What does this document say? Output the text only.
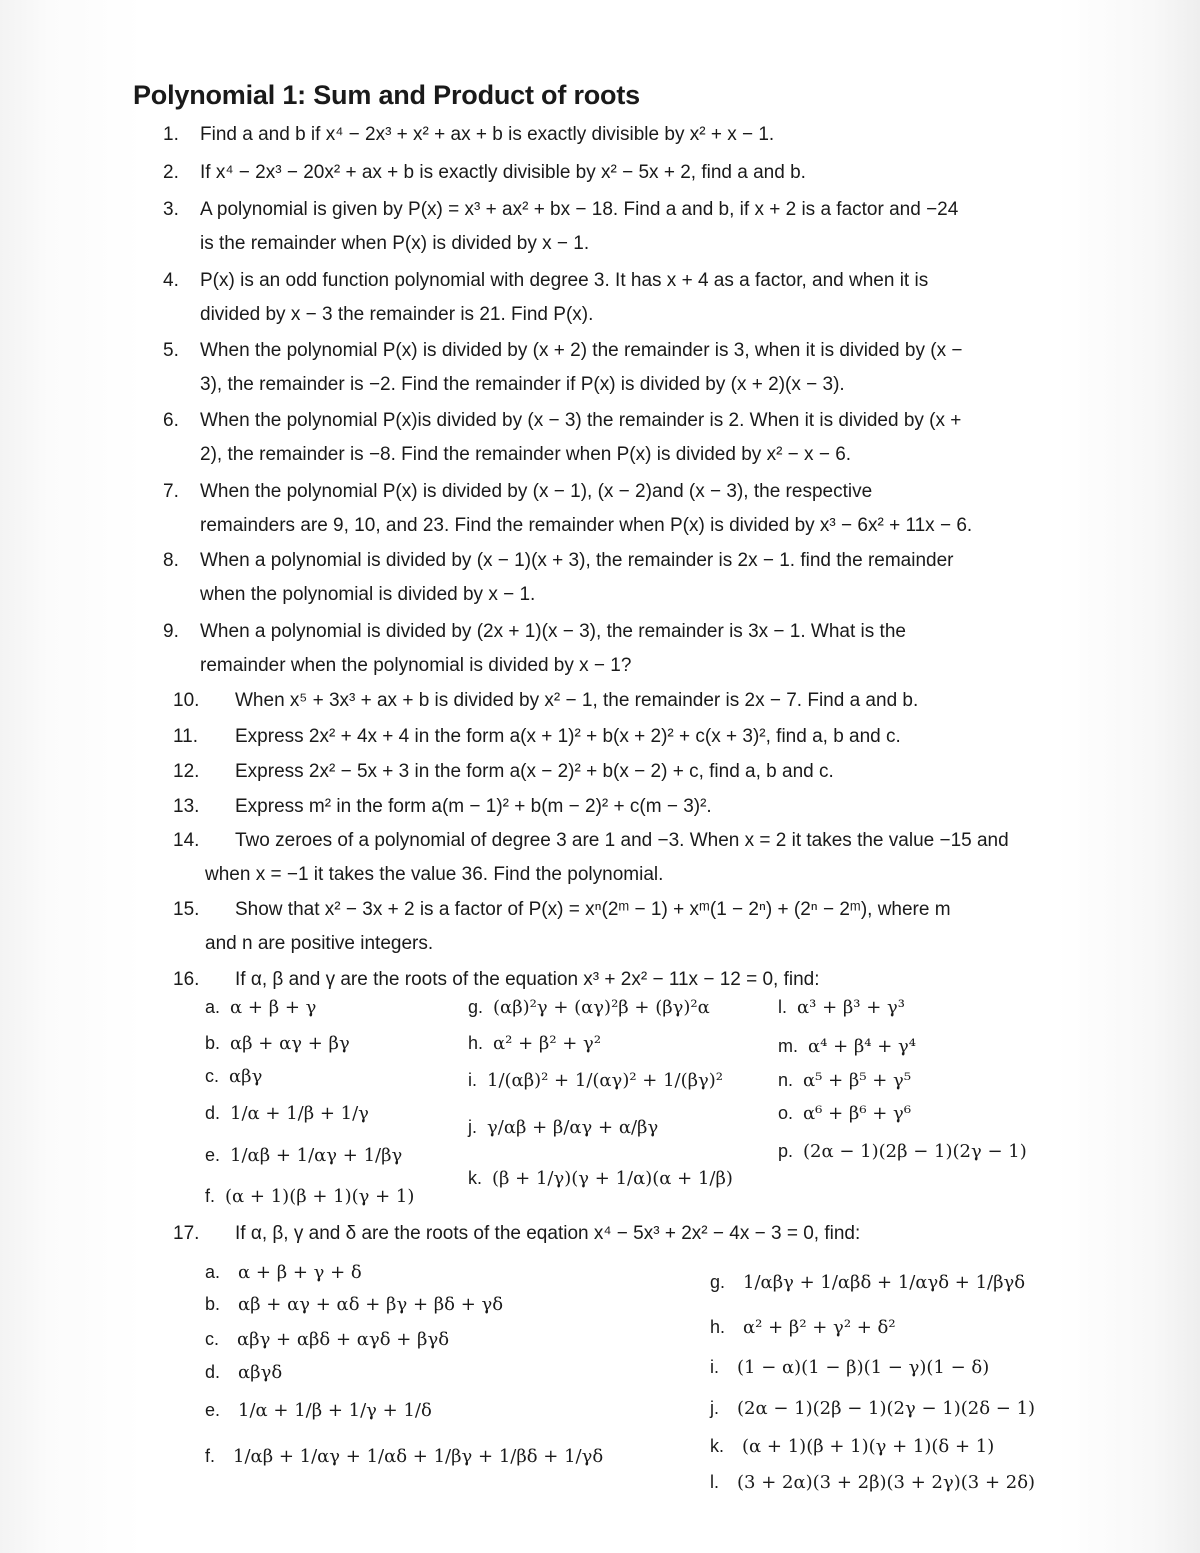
Polynomial 1: Sum and Product of roots
1. Find a and b if x⁴ − 2x³ + x² + ax + b is exactly divisible by x² + x − 1.
2. If x⁴ − 2x³ − 20x² + ax + b is exactly divisible by x² − 5x + 2, find a and b.
3. A polynomial is given by P(x) = x³ + ax² + bx − 18. Find a and b, if x + 2 is a factor and −24
is the remainder when P(x) is divided by x − 1.
4. P(x) is an odd function polynomial with degree 3. It has x + 4 as a factor, and when it is
divided by x − 3 the remainder is 21. Find P(x).
5. When the polynomial P(x) is divided by (x + 2) the remainder is 3, when it is divided by (x −
3), the remainder is −2. Find the remainder if P(x) is divided by (x + 2)(x − 3).
6. When the polynomial P(x)is divided by (x − 3) the remainder is 2. When it is divided by (x +
2), the remainder is −8. Find the remainder when P(x) is divided by x² − x − 6.
7. When the polynomial P(x) is divided by (x − 1), (x − 2)and (x − 3), the respective
remainders are 9, 10, and 23. Find the remainder when P(x) is divided by x³ − 6x² + 11x − 6.
8. When a polynomial is divided by (x − 1)(x + 3), the remainder is 2x − 1. find the remainder
when the polynomial is divided by x − 1.
9. When a polynomial is divided by (2x + 1)(x − 3), the remainder is 3x − 1. What is the
remainder when the polynomial is divided by x − 1?
10. When x⁵ + 3x³ + ax + b is divided by x² − 1, the remainder is 2x − 7. Find a and b.
11. Express 2x² + 4x + 4 in the form a(x + 1)² + b(x + 2)² + c(x + 3)², find a, b and c.
12. Express 2x² − 5x + 3 in the form a(x − 2)² + b(x − 2) + c, find a, b and c.
13. Express m² in the form a(m − 1)² + b(m − 2)² + c(m − 3)².
14. Two zeroes of a polynomial of degree 3 are 1 and −3. When x = 2 it takes the value −15 and
when x = −1 it takes the value 36. Find the polynomial.
15. Show that x² − 3x + 2 is a factor of P(x) = xⁿ(2ᵐ − 1) + xᵐ(1 − 2ⁿ) + (2ⁿ − 2ᵐ), where m
and n are positive integers.
16. If α, β and γ are the roots of the equation x³ + 2x² − 11x − 12 = 0, find:
17. If α, β, γ and δ are the roots of the eqation x⁴ − 5x³ + 2x² − 4x − 3 = 0, find:
a. α + β + γ
b. αβ + αγ + βγ
c. αβγ
d. 1/α + 1/β + 1/γ
e. 1/αβ + 1/αγ + 1/βγ
f. (α + 1)(β + 1)(γ + 1)
g. (αβ)²γ + (αγ)²β + (βγ)²α
h. α² + β² + γ²
i. 1/(αβ)² + 1/(αγ)² + 1/(βγ)²
j. γ/αβ + β/αγ + α/βγ
k. (β + 1/γ)(γ + 1/α)(α + 1/β)
l. α³ + β³ + γ³
m. α⁴ + β⁴ + γ⁴
n. α⁵ + β⁵ + γ⁵
o. α⁶ + β⁶ + γ⁶
p. (2α − 1)(2β − 1)(2γ − 1)
a. α + β + γ + δ
b. αβ + αγ + αδ + βγ + βδ + γδ
c. αβγ + αβδ + αγδ + βγδ
d. αβγδ
e. 1/α + 1/β + 1/γ + 1/δ
f. 1/αβ + 1/αγ + 1/αδ + 1/βγ + 1/βδ + 1/γδ
g. 1/αβγ + 1/αβδ + 1/αγδ + 1/βγδ
h. α² + β² + γ² + δ²
i. (1 − α)(1 − β)(1 − γ)(1 − δ)
j. (2α − 1)(2β − 1)(2γ − 1)(2δ − 1)
k. (α + 1)(β + 1)(γ + 1)(δ + 1)
l. (3 + 2α)(3 + 2β)(3 + 2γ)(3 + 2δ)
